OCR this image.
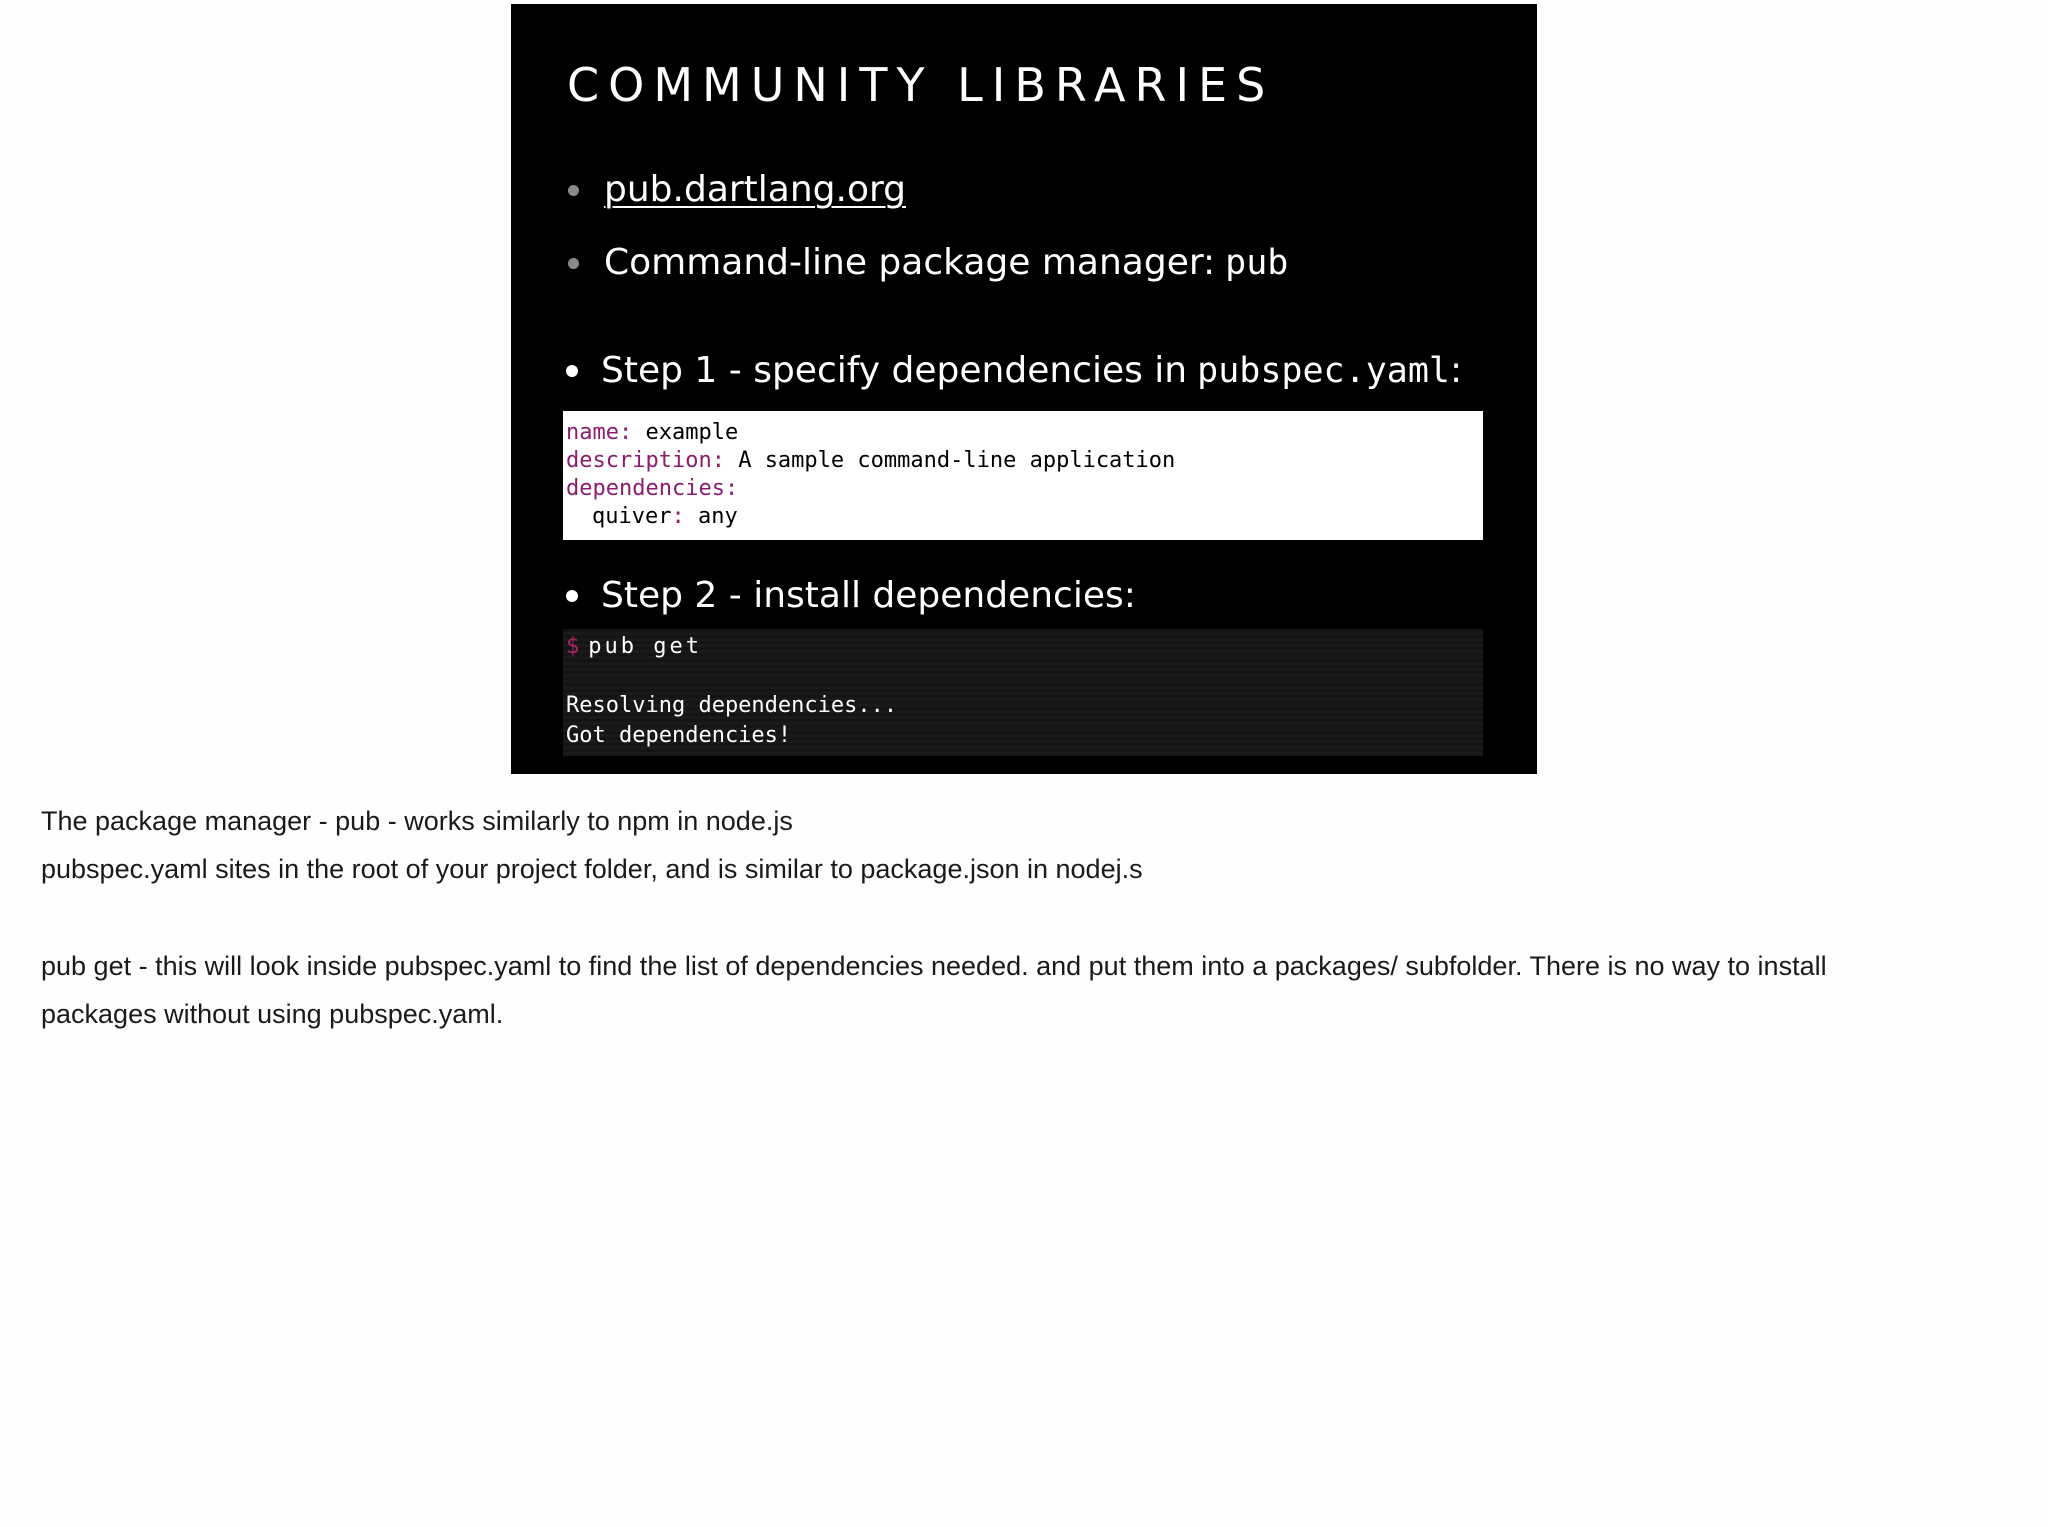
COMMUNITY LIBRARIES
pub.dartlang.org
Command-line package manager: pub
Step 1 - specify dependencies in pubspec.yaml :
name: example
description: A sample command-line application
dependencies:
quiver: any
Step 2 - install dependencies:
$ pub get
Resolving dependencies...
Got dependencies!

The package manager - pub - works similarly to npm in node.js

pubspec.yaml sites in the root of your project folder, and is similar to package.json in nodej.s

pub get - this will look inside pubspec.yaml to find the list of dependencies needed. and put them into a packages/ subfolder. There is no way to install

packages without using pubspec.yaml.
